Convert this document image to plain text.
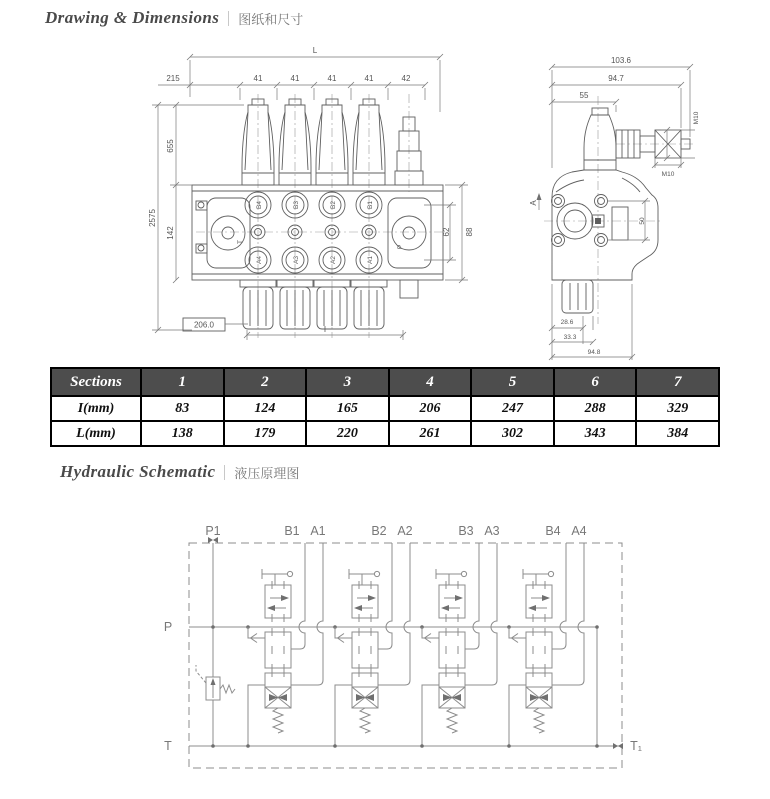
Drawing & Dimensions 图纸和尺寸
B4	B3	B2	B1
A4	A3	A2	A1
T
P
L
215	41	41	41	41	42
2575
655
142	62 88
206.0	I
103.6
94.7
55
M10
M10
50
28.6
33.3
94.8
A
Sections	1	2	3	4	5	6	7
I(mm)	83	124	165	206	247	288	329
L(mm)	138	179	220	261	302	343	384
Hydraulic Schematic 液压原理图
P1	B1 A1	B2 A2	B3 A3	B4 A4
P
T	T₁
